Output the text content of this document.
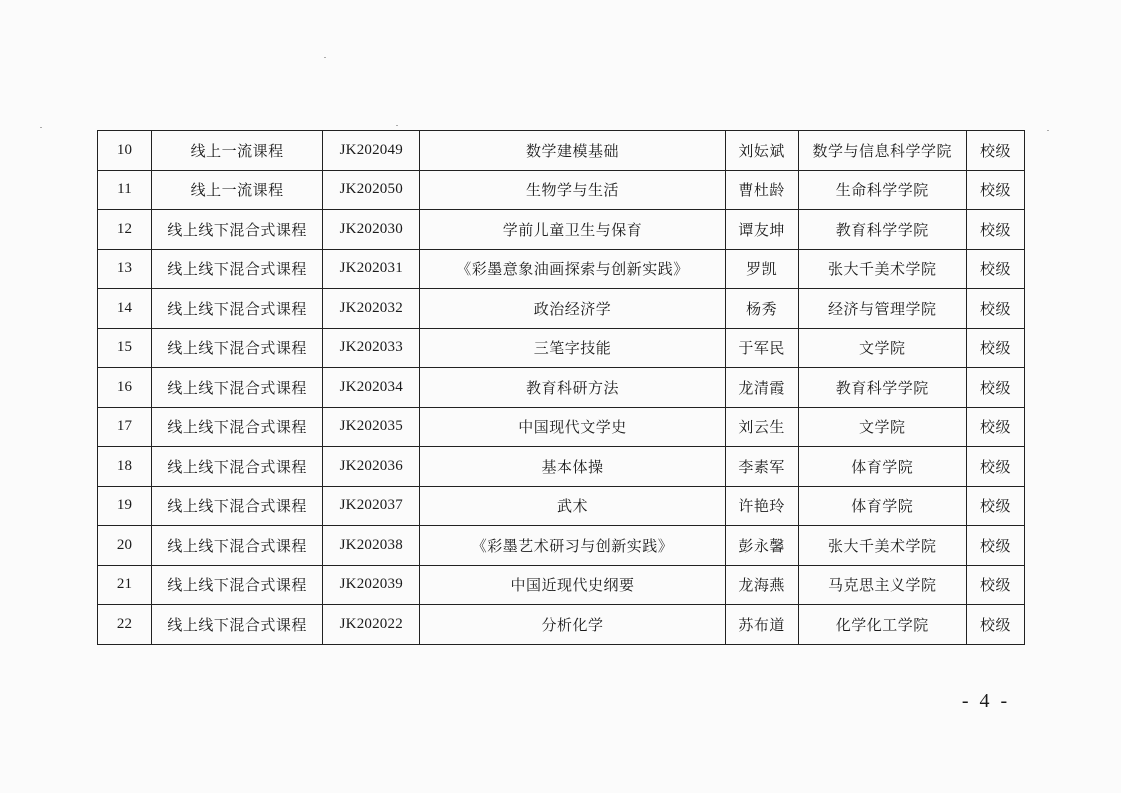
10	线上一流课程	JK202049	数学建模基础	刘妘斌	数学与信息科学学院	校级
11	线上一流课程	JK202050	生物学与生活	曹杜龄	生命科学学院	校级
12	线上线下混合式课程	JK202030	学前儿童卫生与保育	谭友坤	教育科学学院	校级
13	线上线下混合式课程	JK202031	《彩墨意象油画探索与创新实践》	罗凯	张大千美术学院	校级
14	线上线下混合式课程	JK202032	政治经济学	杨秀	经济与管理学院	校级
15	线上线下混合式课程	JK202033	三笔字技能	于军民	文学院	校级
16	线上线下混合式课程	JK202034	教育科研方法	龙清霞	教育科学学院	校级
17	线上线下混合式课程	JK202035	中国现代文学史	刘云生	文学院	校级
18	线上线下混合式课程	JK202036	基本体操	李素军	体育学院	校级
19	线上线下混合式课程	JK202037	武术	许艳玲	体育学院	校级
20	线上线下混合式课程	JK202038	《彩墨艺术研习与创新实践》	彭永馨	张大千美术学院	校级
21	线上线下混合式课程	JK202039	中国近现代史纲要	龙海燕	马克思主义学院	校级
22	线上线下混合式课程	JK202022	分析化学	苏布道	化学化工学院	校级
- 4 -
